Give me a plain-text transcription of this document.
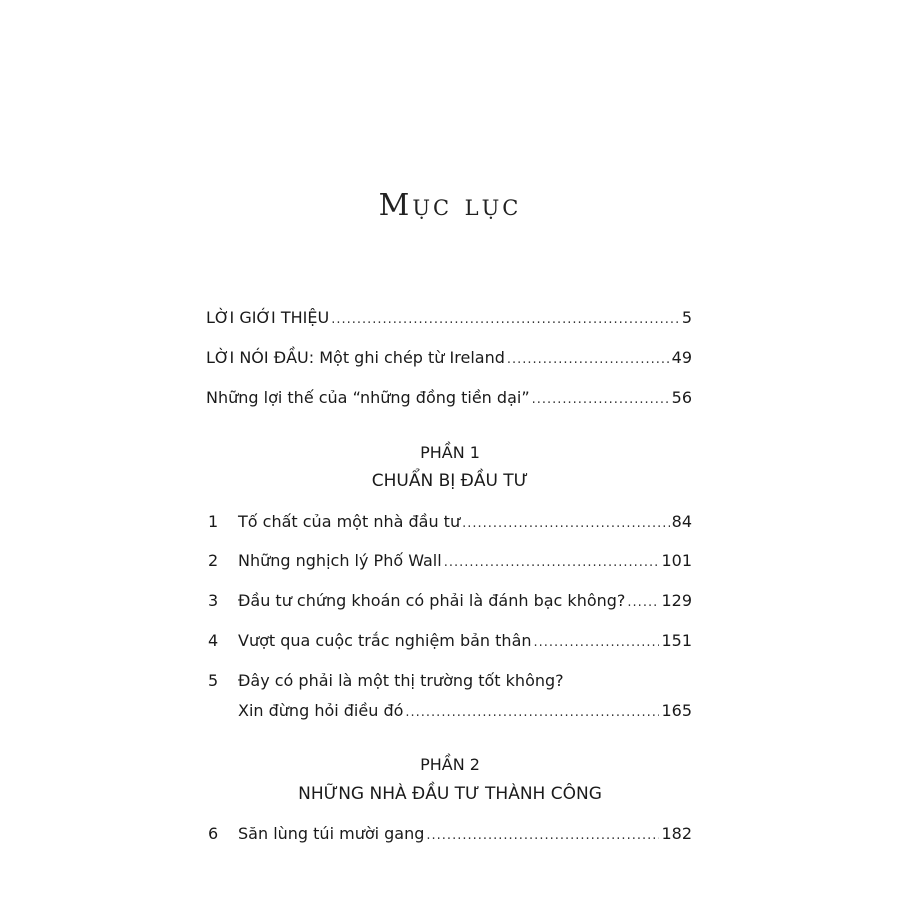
Mục lục
LỜI GIỚI THIỆU .....	5
LỜI NÓI ĐẦU: Một ghi chép từ Ireland .....	49
Những lợi thế của “những đồng tiền dại” .....	56
PHẦN 1
CHUẨN BỊ ĐẦU TƯ
1	Tố chất của một nhà đầu tư .....	84
2	Những nghịch lý Phố Wall .....	101
3	Đầu tư chứng khoán có phải là đánh bạc không? ..... 129
4	Vượt qua cuộc trắc nghiệm bản thân .....	151
5	Đây có phải là một thị trường tốt không?
Xin đừng hỏi điều đó .....	165
PHẦN 2
NHỮNG NHÀ ĐẦU TƯ THÀNH CÔNG
6	Săn lùng túi mười gang .....	182
